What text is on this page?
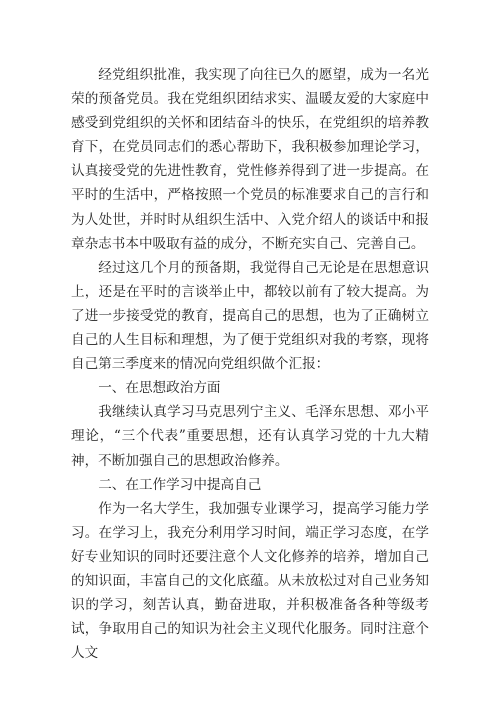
经党组织批准，我实现了向往已久的愿望，成为一名光荣的预备党员。我在党组织团结求实、温暖友爱的大家庭中感受到党组织的关怀和团结奋斗的快乐，在党组织的培养教育下，在党员同志们的悉心帮助下，我积极参加理论学习，认真接受党的先进性教育，党性修养得到了进一步提高。在平时的生活中，严格按照一个党员的标准要求自己的言行和为人处世，并时时从组织生活中、入党介绍人的谈话中和报章杂志书本中吸取有益的成分，不断充实自己、完善自己。

经过这几个月的预备期，我觉得自己无论是在思想意识上，还是在平时的言谈举止中，都较以前有了较大提高。为了进一步接受党的教育，提高自己的思想，也为了正确树立自己的人生目标和理想，为了便于党组织对我的考察，现将自己第三季度来的情况向党组织做个汇报：

一、在思想政治方面

我继续认真学习马克思列宁主义、毛泽东思想、邓小平理论，“三个代表”重要思想，还有认真学习党的十九大精神，不断加强自己的思想政治修养。

二、在工作学习中提高自己

作为一名大学生，我加强专业课学习，提高学习能力学习。在学习上，我充分利用学习时间，端正学习态度，在学好专业知识的同时还要注意个人文化修养的培养，增加自己的知识面，丰富自己的文化底蕴。从未放松过对自己业务知识的学习，刻苦认真，勤奋进取，并积极准备各种等级考试，争取用自己的知识为社会主义现代化服务。同时注意个人文
